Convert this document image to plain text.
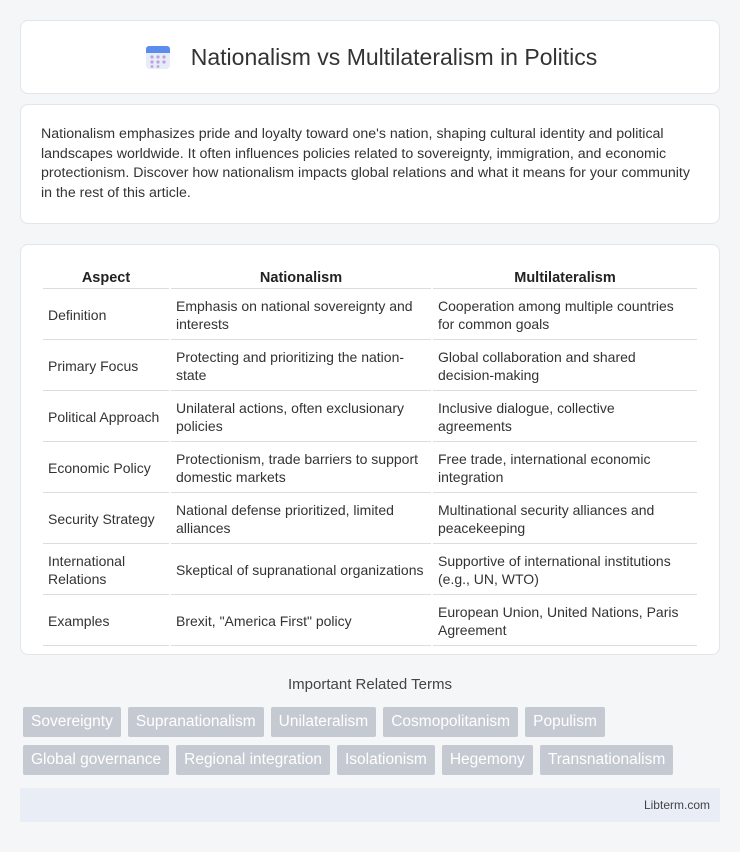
Nationalism vs Multilateralism in Politics

Nationalism emphasizes pride and loyalty toward one's nation, shaping cultural identity and political landscapes worldwide. It often influences policies related to sovereignty, immigration, and economic protectionism. Discover how nationalism impacts global relations and what it means for your community in the rest of this article.

Aspect	Nationalism	Multilateralism
Definition	Emphasis on national sovereignty and interests	Cooperation among multiple countries for common goals
Primary Focus	Protecting and prioritizing the nation-state	Global collaboration and shared decision-making
Political Approach	Unilateral actions, often exclusionary policies	Inclusive dialogue, collective agreements
Economic Policy	Protectionism, trade barriers to support domestic markets	Free trade, international economic integration
Security Strategy	National defense prioritized, limited alliances	Multinational security alliances and peacekeeping
International Relations	Skeptical of supranational organizations	Supportive of international institutions (e.g., UN, WTO)
Examples	Brexit, "America First" policy	European Union, United Nations, Paris Agreement
Important Related Terms
Sovereignty	Supranationalism	Unilateralism	Cosmopolitanism	Populism
Global governance	Regional integration	Isolationism	Hegemony	Transnationalism
Libterm.com
